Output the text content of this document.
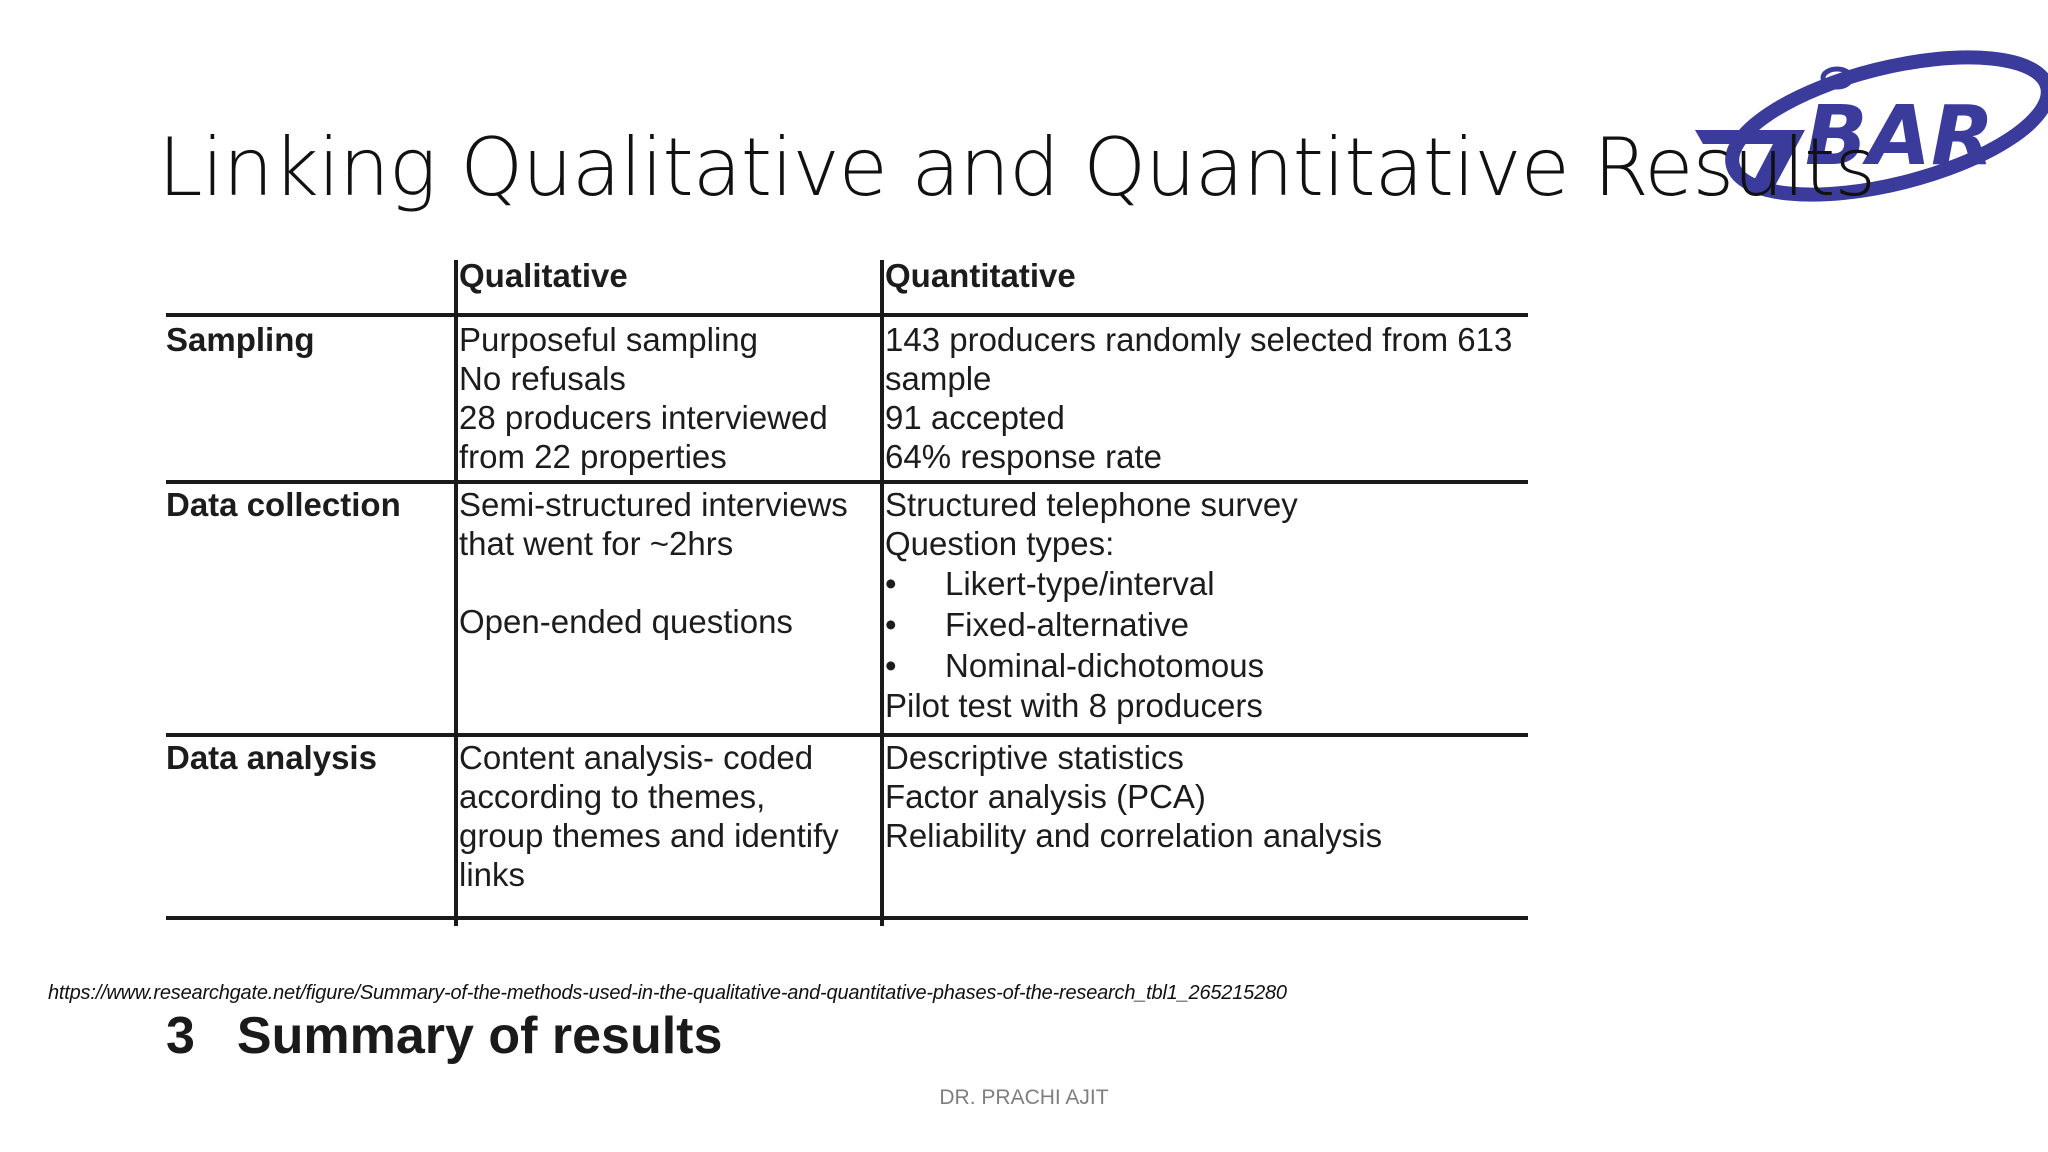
BAR
Linking Qualitative and Quantitative Results
Qualitative	Quantitative
Sampling	Purposeful sampling
No refusals
28 producers interviewed
from 22 properties
143 producers randomly selected from 613
sample
91 accepted
64% response rate
Data collection Semi-structured interviews
that went for ~2hrs
Open-ended questions
Structured telephone survey
Question types:
• Likert-type/interval
• Fixed-alternative
• Nominal-dichotomous
Pilot test with 8 producers
Data analysis Content analysis- coded
according to themes,
group themes and identify
links
Descriptive statistics
Factor analysis (PCA)
Reliability and correlation analysis
https://www.researchgate.net/figure/Summary-of-the-methods-used-in-the-qualitative-and-quantitative-phases-of-the-research_tbl1_265215280
3 Summary of results
DR. PRACHI AJIT
